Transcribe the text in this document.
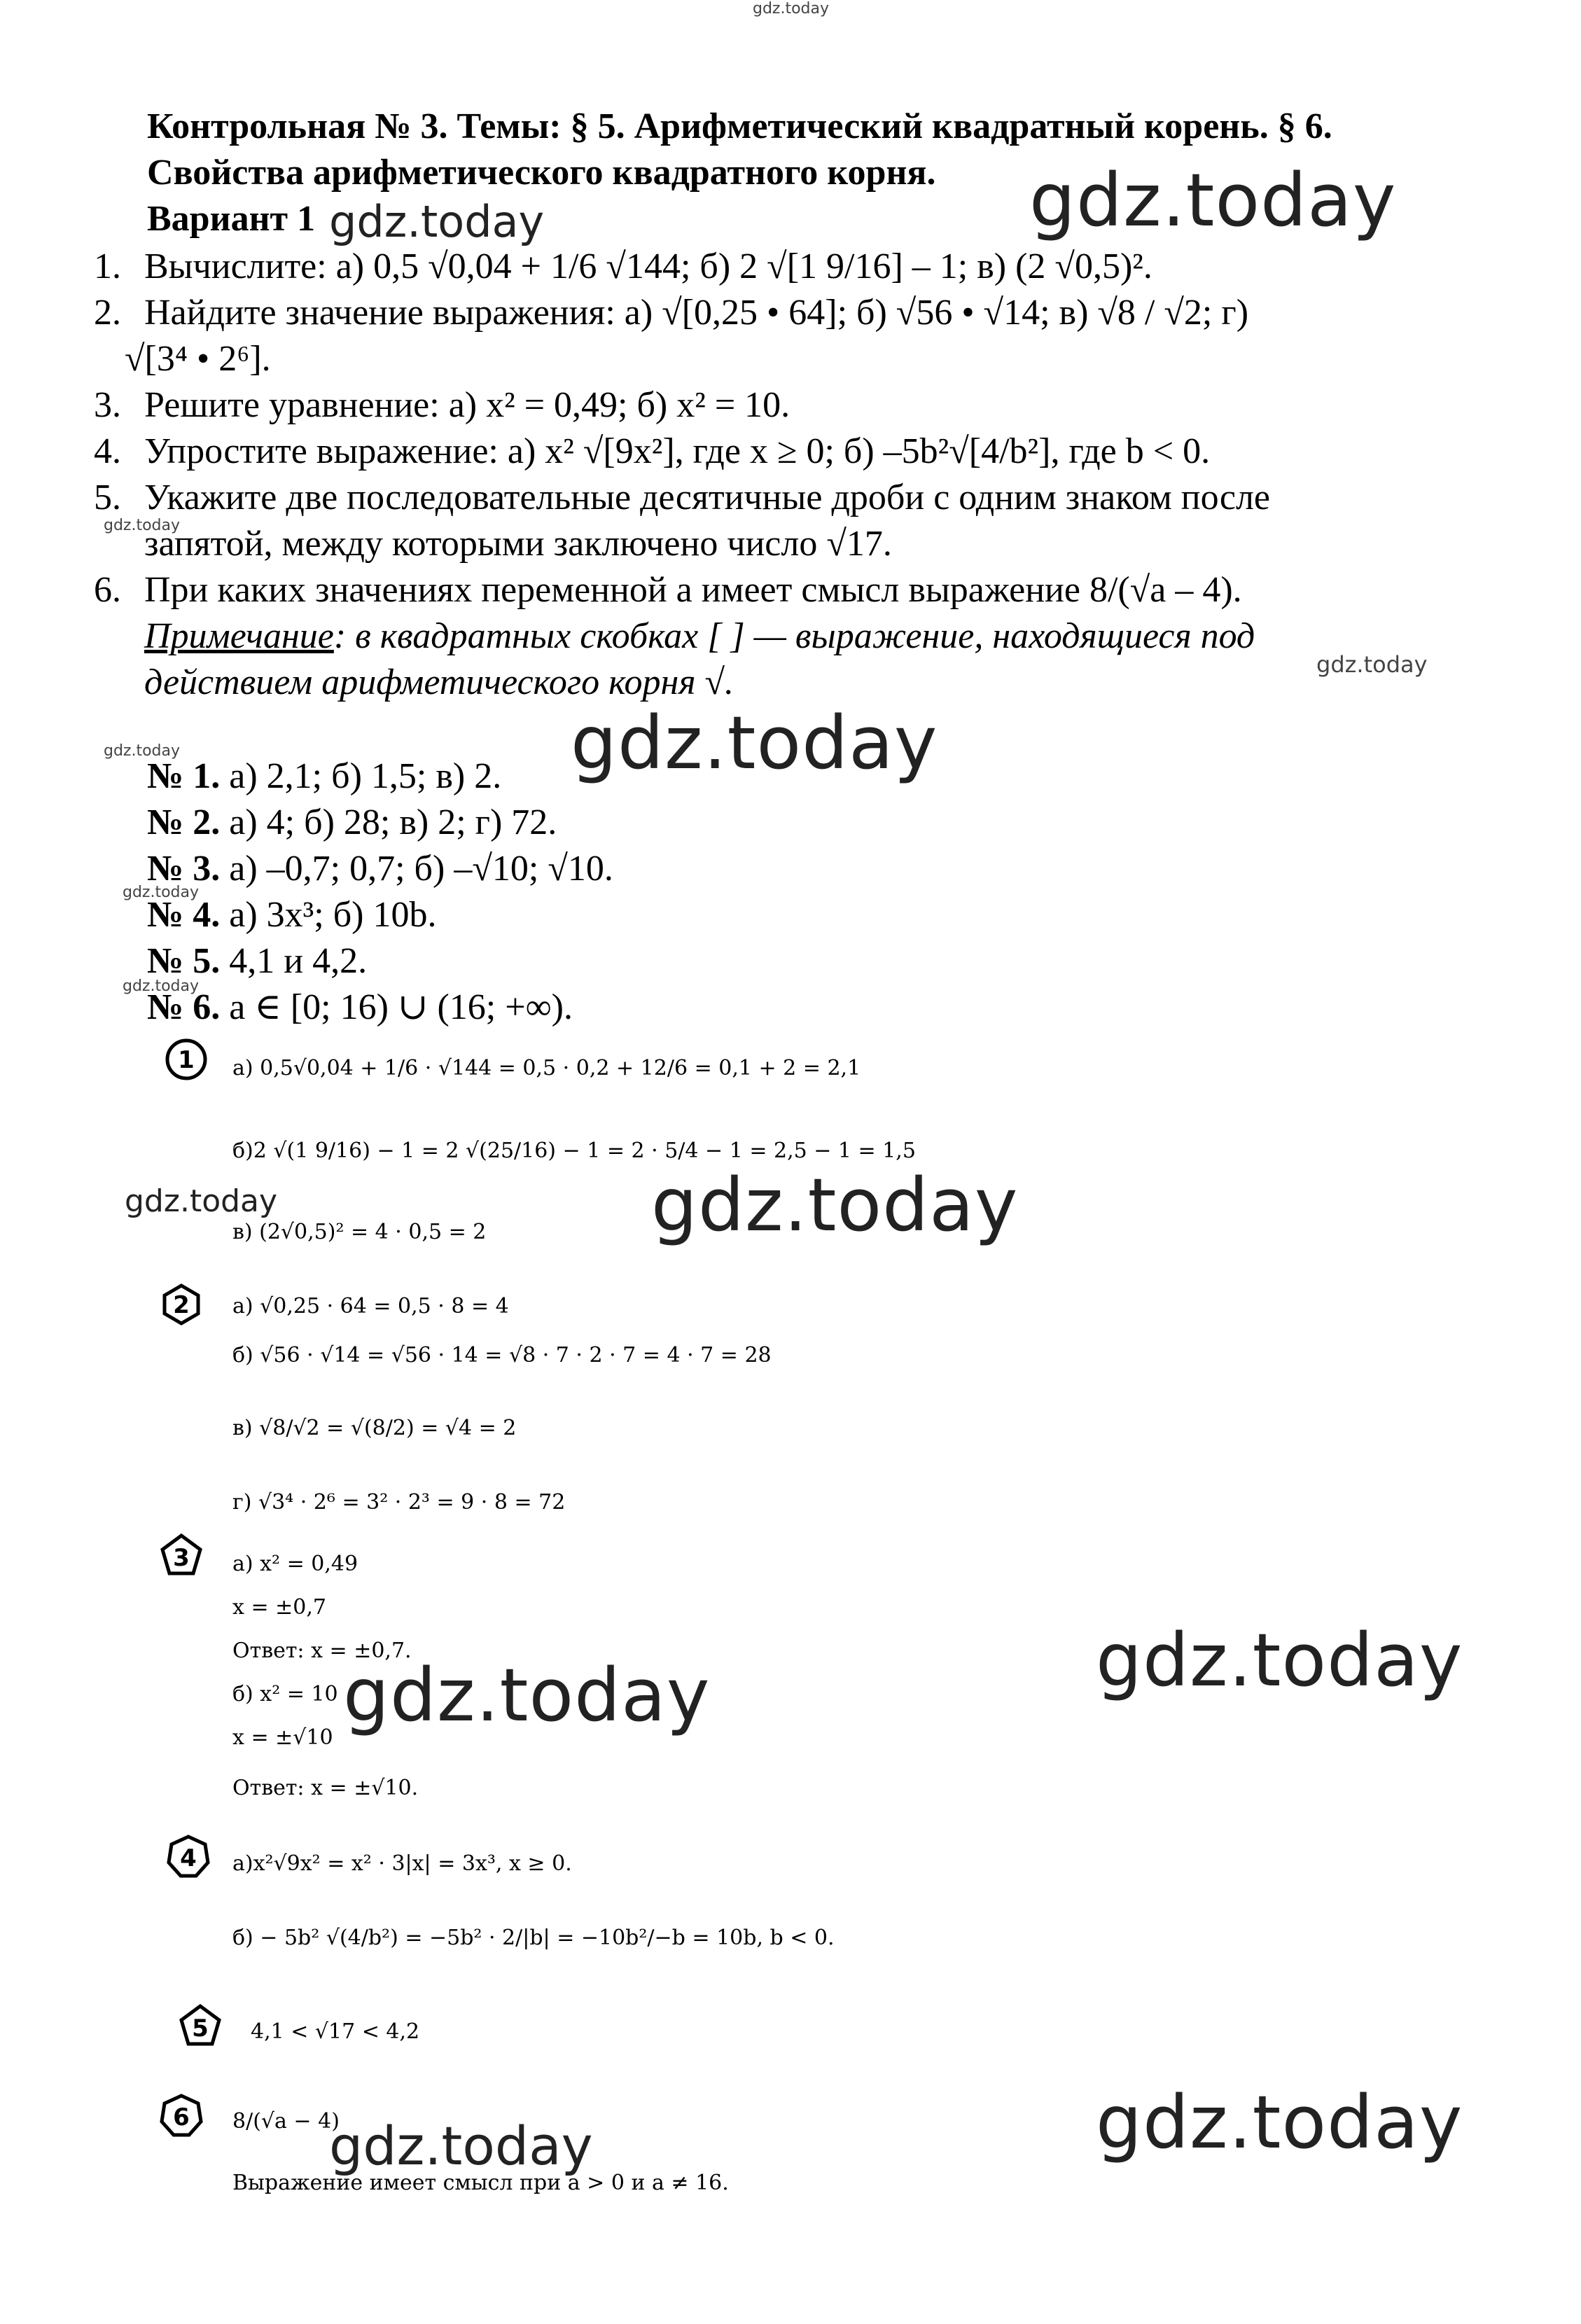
gdz.today
Контрольная № 3. Темы: § 5. Арифметический квадратный корень. § 6.
Свойства арифметического квадратного корня.
Вариант 1	gdz.today
gdz.today
1. Вычислите: а) 0,5 √0,04 + 1/6 √144; б) 2 √[1 9/16] – 1; в) (2 √0,5)².
2. Найдите значение выражения: а) √[0,25 • 64]; б) √56 • √14; в) √8 / √2; г)
√[3⁴ • 2⁶].
3. Решите уравнение: а) x² = 0,49; б) x² = 10.
4. Упростите выражение: а) x² √[9x²], где x ≥ 0; б) –5b²√[4/b²], где b < 0.
5. Укажите две последовательные десятичные дроби с одним знаком после
gdz.today
запятой, между которыми заключено число √17.
6. При каких значениях переменной a имеет смысл выражение 8/(√a – 4).
Примечание: в квадратных скобках [ ] — выражение, находящиеся под
gdz.today
действием арифметического корня √.
gdz.today
gdz.today
№ 1. а) 2,1; б) 1,5; в) 2.
№ 2. а) 4; б) 28; в) 2; г) 72.
№ 3. а) –0,7; 0,7; б) –√10; √10.
gdz.today
№ 4. а) 3x³; б) 10b.
№ 5. 4,1 и 4,2.
gdz.today
№ 6. a ∈ [0; 16) ∪ (16; +∞).
1 а) 0,5√0,04 + 1/6 · √144 = 0,5 · 0,2 + 12/6 = 0,1 + 2 = 2,1
б)2 √(1 9/16) − 1 = 2 √(25/16) − 1 = 2 · 5/4 − 1 = 2,5 − 1 = 1,5
gdz.today
в) (2√0,5)² = 4 · 0,5 = 2 gdz.today
2 а) √0,25 · 64 = 0,5 · 8 = 4
б) √56 · √14 = √56 · 14 = √8 · 7 · 2 · 7 = 4 · 7 = 28
в) √8/√2 = √(8/2) = √4 = 2
г) √3⁴ · 2⁶ = 3² · 2³ = 9 · 8 = 72
3 а) x² = 0,49
x = ±0,7
Ответ: x = ±0,7.
б) x² = 10
x = ±√10
Ответ: x = ±√10.
gdz.today	gdz.today
4 а)x²√9x² = x² · 3|x| = 3x³, x ≥ 0.
б) − 5b² √(4/b²) = −5b² · 2/|b| = −10b²/−b = 10b, b < 0.
5 4,1 < √17 < 4,2
6 8/(√a − 4)
gdz.today
Выражение имеет смысл при a > 0 и a ≠ 16.
gdz.today
